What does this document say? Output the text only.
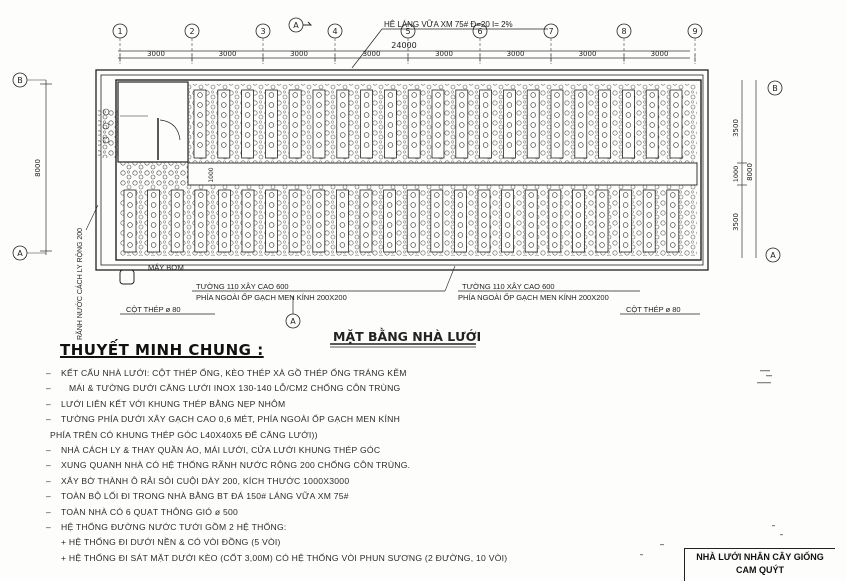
1	2	3	4	5	6	7	8	9
24000
3000	3000	3000	3000	3000	3000	3000	3000
HÊ LÁNG VỮA XM 75# Đ=20 I= 2%
1000
MÁY BƠM
RÃNH NƯỚC CÁCH LY RỘNG 200
8000
3500
1000
3500
8000
B
A
B
A
A
A
TƯỜNG 110 XÂY CAO 600
PHÍA NGOÀI ỐP GẠCH MEN KÍNH 200X200
TƯỜNG 110 XÂY CAO 600
PHÍA NGOÀI ỐP GẠCH MEN KÍNH 200X200
CỘT THÉP ø 80	CỘT THÉP ø 80
MẶT BẰNG NHÀ LƯỚI
THUYẾT MINH CHUNG :
– KẾT CẤU NHÀ LƯỚI: CỘT THÉP ỐNG, KÈO THÉP XÀ GỒ THÉP ỐNG TRÁNG KẼM
– MÁI & TƯỜNG DƯỚI CĂNG LƯỚI INOX 130-140 LỖ/CM2 CHỐNG CÔN TRÙNG
– LƯỚI LIÊN KẾT VỚI KHUNG THÉP BẰNG NẸP NHÔM
– TƯỜNG PHÍA DƯỚI XÂY GẠCH CAO 0,6 MÉT, PHÍA NGOÀI ỐP GẠCH MEN KÍNH
PHÍA TRÊN CÓ KHUNG THÉP GÓC L40X40X5 ĐỂ CĂNG LƯỚI))
– NHÀ CÁCH LY & THAY QUẦN ÁO, MÁI LƯỚI, CỬA LƯỚI KHUNG THÉP GÓC
– XUNG QUANH NHÀ CÓ HỆ THỐNG RÃNH NƯỚC RỘNG 200 CHỐNG CÔN TRÙNG.
– XÂY BỜ THÀNH Ô RẢI SỎI CUỘI DÀY 200, KÍCH THƯỚC 1000X3000
– TOÀN BỘ LỐI ĐI TRONG NHÀ BẰNG BT ĐÁ 150# LÁNG VỮA XM 75#
– TOÀN NHÀ CÓ 6 QUẠT THÔNG GIÓ ø 500
– HỆ THỐNG ĐƯỜNG NƯỚC TƯỚI GỒM 2 HỆ THỐNG:
+ HỆ THỐNG ĐI DƯỚI NỀN & CÓ VÒI ĐỒNG (5 VÒI)
+ HỆ THỐNG ĐI SÁT MẶT DƯỚI KÈO (CỐT 3,00M) CÓ HỆ THỐNG VÒI PHUN SƯƠNG (2 ĐƯỜNG, 10 VÒI)	NHÀ LƯỚI NHÂN CÂY GIỐNG
CAM QUÝT
